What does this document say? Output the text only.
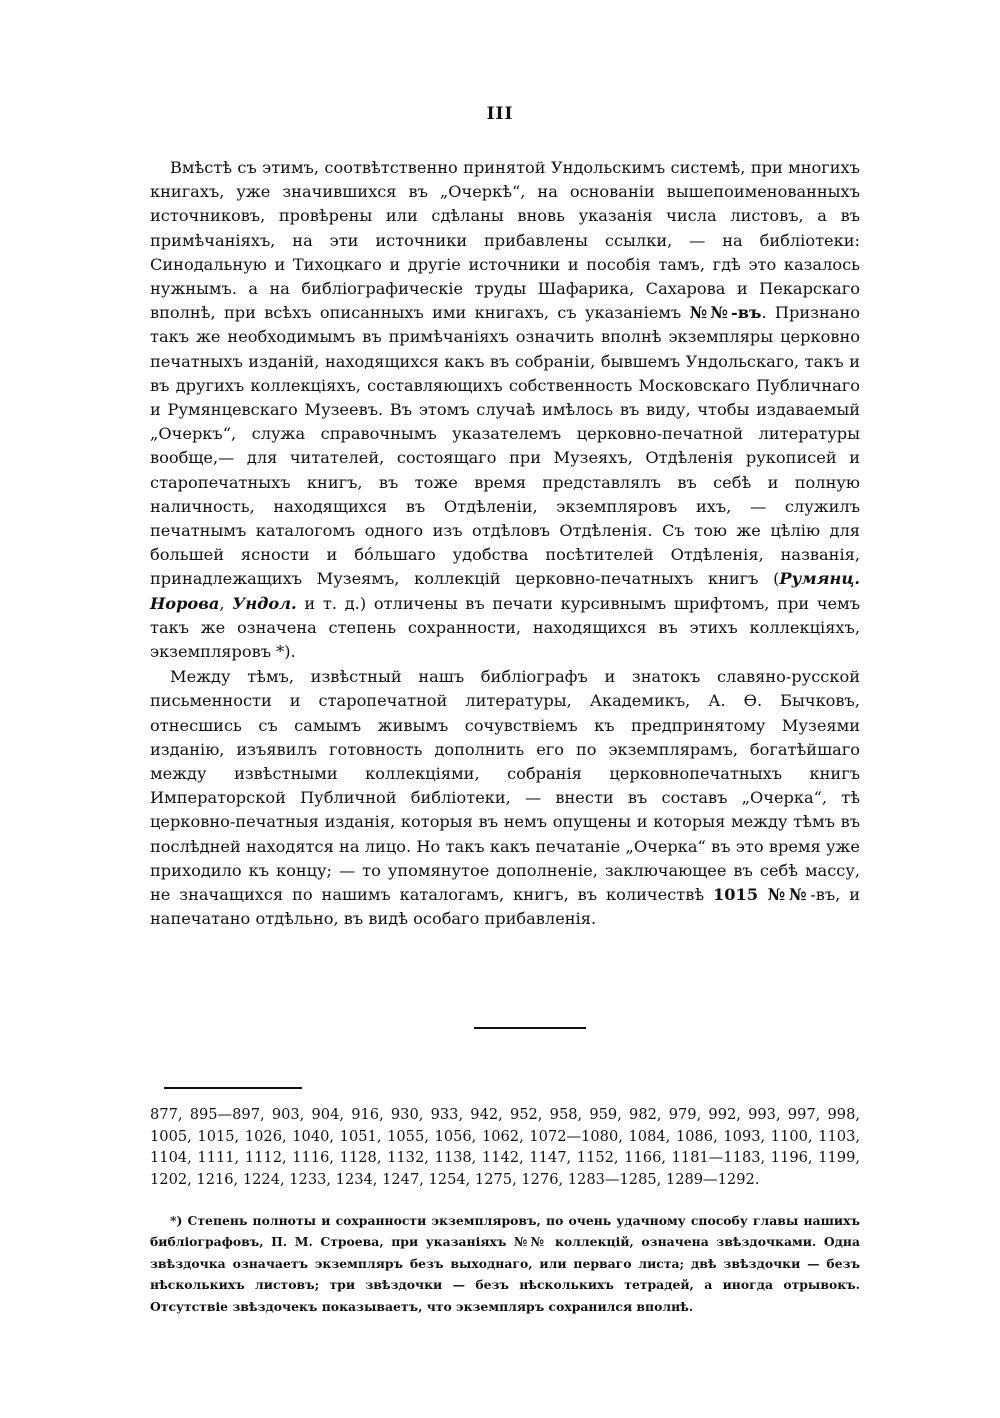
III

Вмѣстѣ съ этимъ, соотвѣтственно принятой Ундольскимъ системѣ, при многихъ книгахъ, уже значившихся въ „Очеркѣ“, на основаніи вышепоименованныхъ источниковъ, провѣрены или сдѣланы вновь указанія числа листовъ, а въ примѣчаніяхъ, на эти источники прибавлены ссылки, — на библіотеки: Синодальную и Тихоцкаго и другіе источники и пособія тамъ, гдѣ это казалось нужнымъ. а на библіографическіе труды Шафарика, Сахарова и Пекарскаго вполнѣ, при всѣхъ описанныхъ ими книгахъ, съ указаніемъ №№-въ. Признано такъ же необходимымъ въ примѣчаніяхъ означить вполнѣ экземпляры церковно печатныхъ изданій, находящихся какъ въ собраніи, бывшемъ Ундольскаго, такъ и въ другихъ коллекціяхъ, составляющихъ собственность Московскаго Публичнаго и Румянцевскаго Музеевъ. Въ этомъ случаѣ имѣлось въ виду, чтобы издаваемый „Очеркъ“, служа справочнымъ указателемъ церковно-печатной литературы вообще,— для читателей, состоящаго при Музеяхъ, Отдѣленія рукописей и старопечатныхъ книгъ, въ тоже время представлялъ въ себѣ и полную наличность, находящихся въ Отдѣленіи, экземпляровъ ихъ, — служилъ печатнымъ каталогомъ одного изъ отдѣловъ Отдѣленія. Съ тою же цѣлію для большей ясности и бóльшаго удобства посѣтителей Отдѣленія, названія, принадлежащихъ Музеямъ, коллекцій церковно-печатныхъ книгъ (Румянц. Норова, Ундол. и т. д.) отличены въ печати курсивнымъ шрифтомъ, при чемъ такъ же означена степень сохранности, находящихся въ этихъ коллекціяхъ, экземпляровъ *).

Между тѣмъ, извѣстный нашъ библіографъ и знатокъ славяно-русской письменности и старопечатной литературы, Академикъ, А. Ѳ. Бычковъ, отнесшись съ самымъ живымъ сочувствіемъ къ предпринятому Музеями изданію, изъявилъ готовность дополнить его по экземплярамъ, богатѣйшаго между извѣстными коллекціями, собранія церковнопечатныхъ книгъ Императорской Публичной библіотеки, — внести въ составъ „Очерка“, тѣ церковно-печатныя изданія, которыя въ немъ опущены и которыя между тѣмъ въ послѣдней находятся на лицо. Но такъ какъ печатаніе „Очерка“ въ это время уже приходило къ концу; — то упомянутое дополненіе, заключающее въ себѣ массу, не значащихся по нашимъ каталогамъ, книгъ, въ количествѣ 1015 №№-въ, и напечатано отдѣльно, въ видѣ особаго прибавленія.

877, 895—897, 903, 904, 916, 930, 933, 942, 952, 958, 959, 982, 979, 992, 993, 997, 998, 1005, 1015, 1026, 1040, 1051, 1055, 1056, 1062, 1072—1080, 1084, 1086, 1093, 1100, 1103, 1104, 1111, 1112, 1116, 1128, 1132, 1138, 1142, 1147, 1152, 1166, 1181—1183, 1196, 1199, 1202, 1216, 1224, 1233, 1234, 1247, 1254, 1275, 1276, 1283—1285, 1289—1292.

*) Степень полноты и сохранности экземпляровъ, по очень удачному способу главы нашихъ библіографовъ, П. М. Строева, при указаніяхъ №№ коллекцій, означена звѣздочками. Одна звѣздочка означаетъ экземпляръ безъ выходнаго, или перваго листа; двѣ звѣздочки — безъ нѣсколькихъ листовъ; три звѣздочки — безъ нѣсколькихъ тетрадей, а иногда отрывокъ. Отсутствіе звѣздочекъ показываетъ, что экземпляръ сохранился вполнѣ.
